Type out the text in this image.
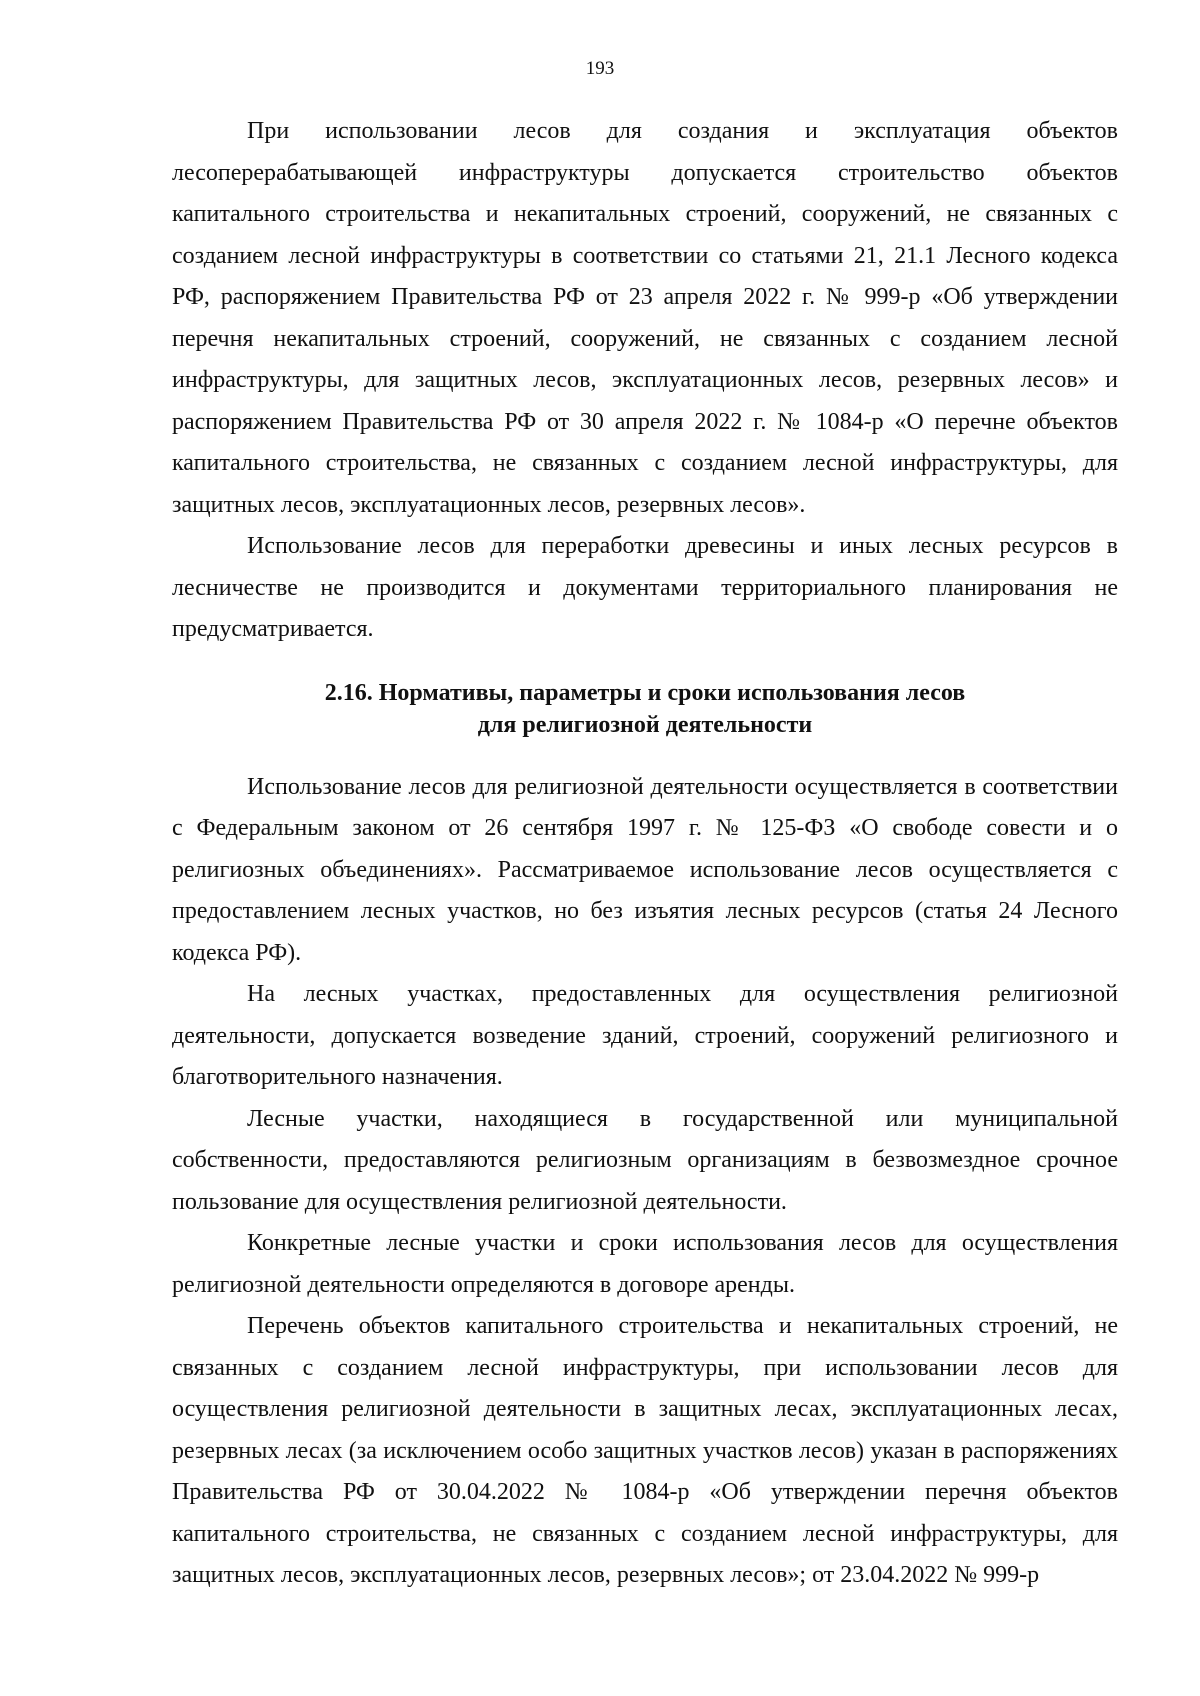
193

При использовании лесов для создания и эксплуатация объектов лесоперерабатывающей инфраструктуры допускается строительство объектов капитального строительства и некапитальных строений, сооружений, не связанных с созданием лесной инфраструктуры в соответствии со статьями 21, 21.1 Лесного кодекса РФ, распоряжением Правительства РФ от 23 апреля 2022 г. № 999-р «Об утверждении перечня некапитальных строений, сооружений, не связанных с созданием лесной инфраструктуры, для защитных лесов, эксплуатационных лесов, резервных лесов» и распоряжением Правительства РФ от 30 апреля 2022 г. № 1084-р «О перечне объектов капитального строительства, не связанных с созданием лесной инфраструктуры, для защитных лесов, эксплуатационных лесов, резервных лесов».

Использование лесов для переработки древесины и иных лесных ресурсов в лесничестве не производится и документами территориального планирования не предусматривается.

2.16. Нормативы, параметры и сроки использования лесов
для религиозной деятельности

Использование лесов для религиозной деятельности осуществляется в соответствии с Федеральным законом от 26 сентября 1997 г. № 125-ФЗ «О свободе совести и о религиозных объединениях». Рассматриваемое использование лесов осуществляется с предоставлением лесных участков, но без изъятия лесных ресурсов (статья 24 Лесного кодекса РФ).

На лесных участках, предоставленных для осуществления религиозной деятельности, допускается возведение зданий, строений, сооружений религиозного и благотворительного назначения.

Лесные участки, находящиеся в государственной или муниципальной собственности, предоставляются религиозным организациям в безвозмездное срочное пользование для осуществления религиозной деятельности.

Конкретные лесные участки и сроки использования лесов для осуществления религиозной деятельности определяются в договоре аренды.

Перечень объектов капитального строительства и некапитальных строений, не связанных с созданием лесной инфраструктуры, при использовании лесов для осуществления религиозной деятельности в защитных лесах, эксплуатационных лесах, резервных лесах (за исключением особо защитных участков лесов) указан в распоряжениях Правительства РФ от 30.04.2022 № 1084-р «Об утверждении перечня объектов капитального строительства, не связанных с созданием лесной инфраструктуры, для защитных лесов, эксплуатационных лесов, резервных лесов»; от 23.04.2022 № 999-р
